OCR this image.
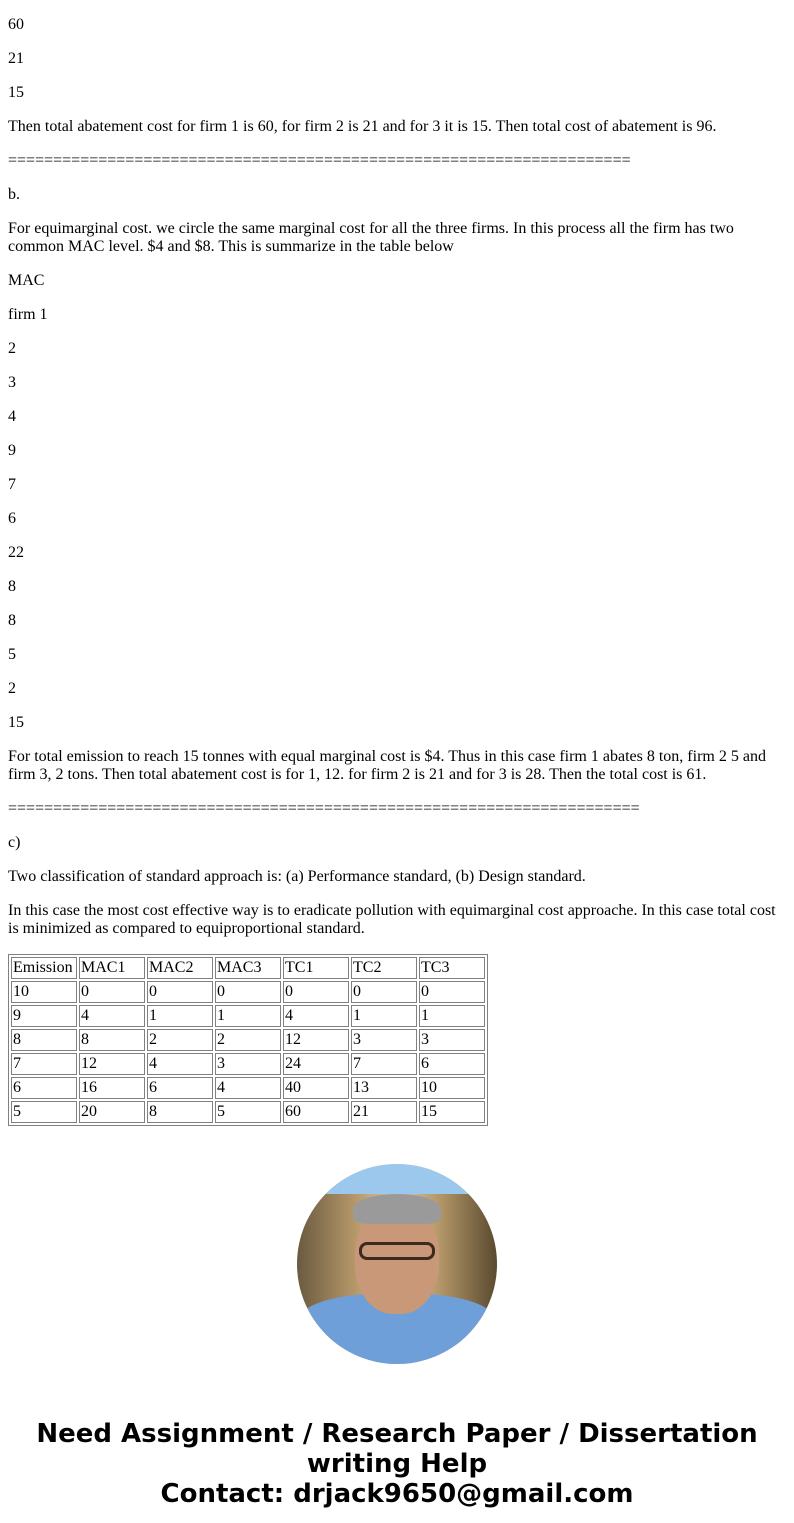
60

21

15

Then total abatement cost for firm 1 is 60, for firm 2 is 21 and for 3 it is 15. Then total cost of abatement is 96.

=====================================================================

b.

For equimarginal cost. we circle the same marginal cost for all the three firms. In this process all the firm has two common MAC level. $4 and $8. This is summarize in the table below

MAC

firm 1

2

3

4

9

7

6

22

8

8

5

2

15

For total emission to reach 15 tonnes with equal marginal cost is $4. Thus in this case firm 1 abates 8 ton, firm 2 5 and firm 3, 2 tons. Then total abatement cost is for 1, 12. for firm 2 is 21 and for 3 is 28. Then the total cost is 61.

======================================================================

c)

Two classification of standard approach is: (a) Performance standard, (b) Design standard.

In this case the most cost effective way is to eradicate pollution with equimarginal cost approache. In this case total cost is minimized as compared to equiproportional standard.

Emission	MAC1	MAC2	MAC3	TC1	TC2	TC3
10	0	0	0	0	0	0
9	4	1	1	4	1	1
8	8	2	2	12	3	3
7	12	4	3	24	7	6
6	16	6	4	40	13	10
5	20	8	5	60	21	15
Need Assignment / Research Paper / Dissertation writing Help
Contact: drjack9650@gmail.com
